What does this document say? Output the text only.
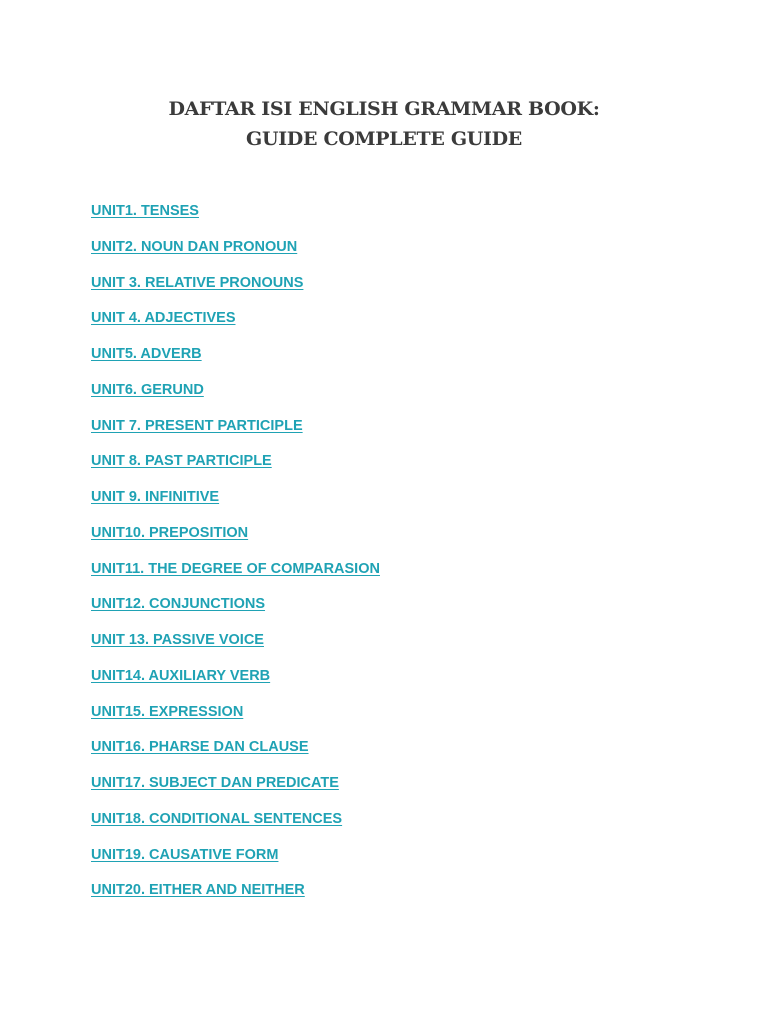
DAFTAR ISI ENGLISH GRAMMAR BOOK:
GUIDE COMPLETE GUIDE
UNIT1. TENSES
UNIT2. NOUN DAN PRONOUN
UNIT 3. RELATIVE PRONOUNS
UNIT 4. ADJECTIVES
UNIT5. ADVERB
UNIT6. GERUND
UNIT 7. PRESENT PARTICIPLE
UNIT 8. PAST PARTICIPLE
UNIT 9. INFINITIVE
UNIT10. PREPOSITION
UNIT11. THE DEGREE OF COMPARASION
UNIT12. CONJUNCTIONS
UNIT 13. PASSIVE VOICE
UNIT14. AUXILIARY VERB
UNIT15. EXPRESSION
UNIT16. PHARSE DAN CLAUSE
UNIT17. SUBJECT DAN PREDICATE
UNIT18. CONDITIONAL SENTENCES
UNIT19. CAUSATIVE FORM
UNIT20. EITHER AND NEITHER
